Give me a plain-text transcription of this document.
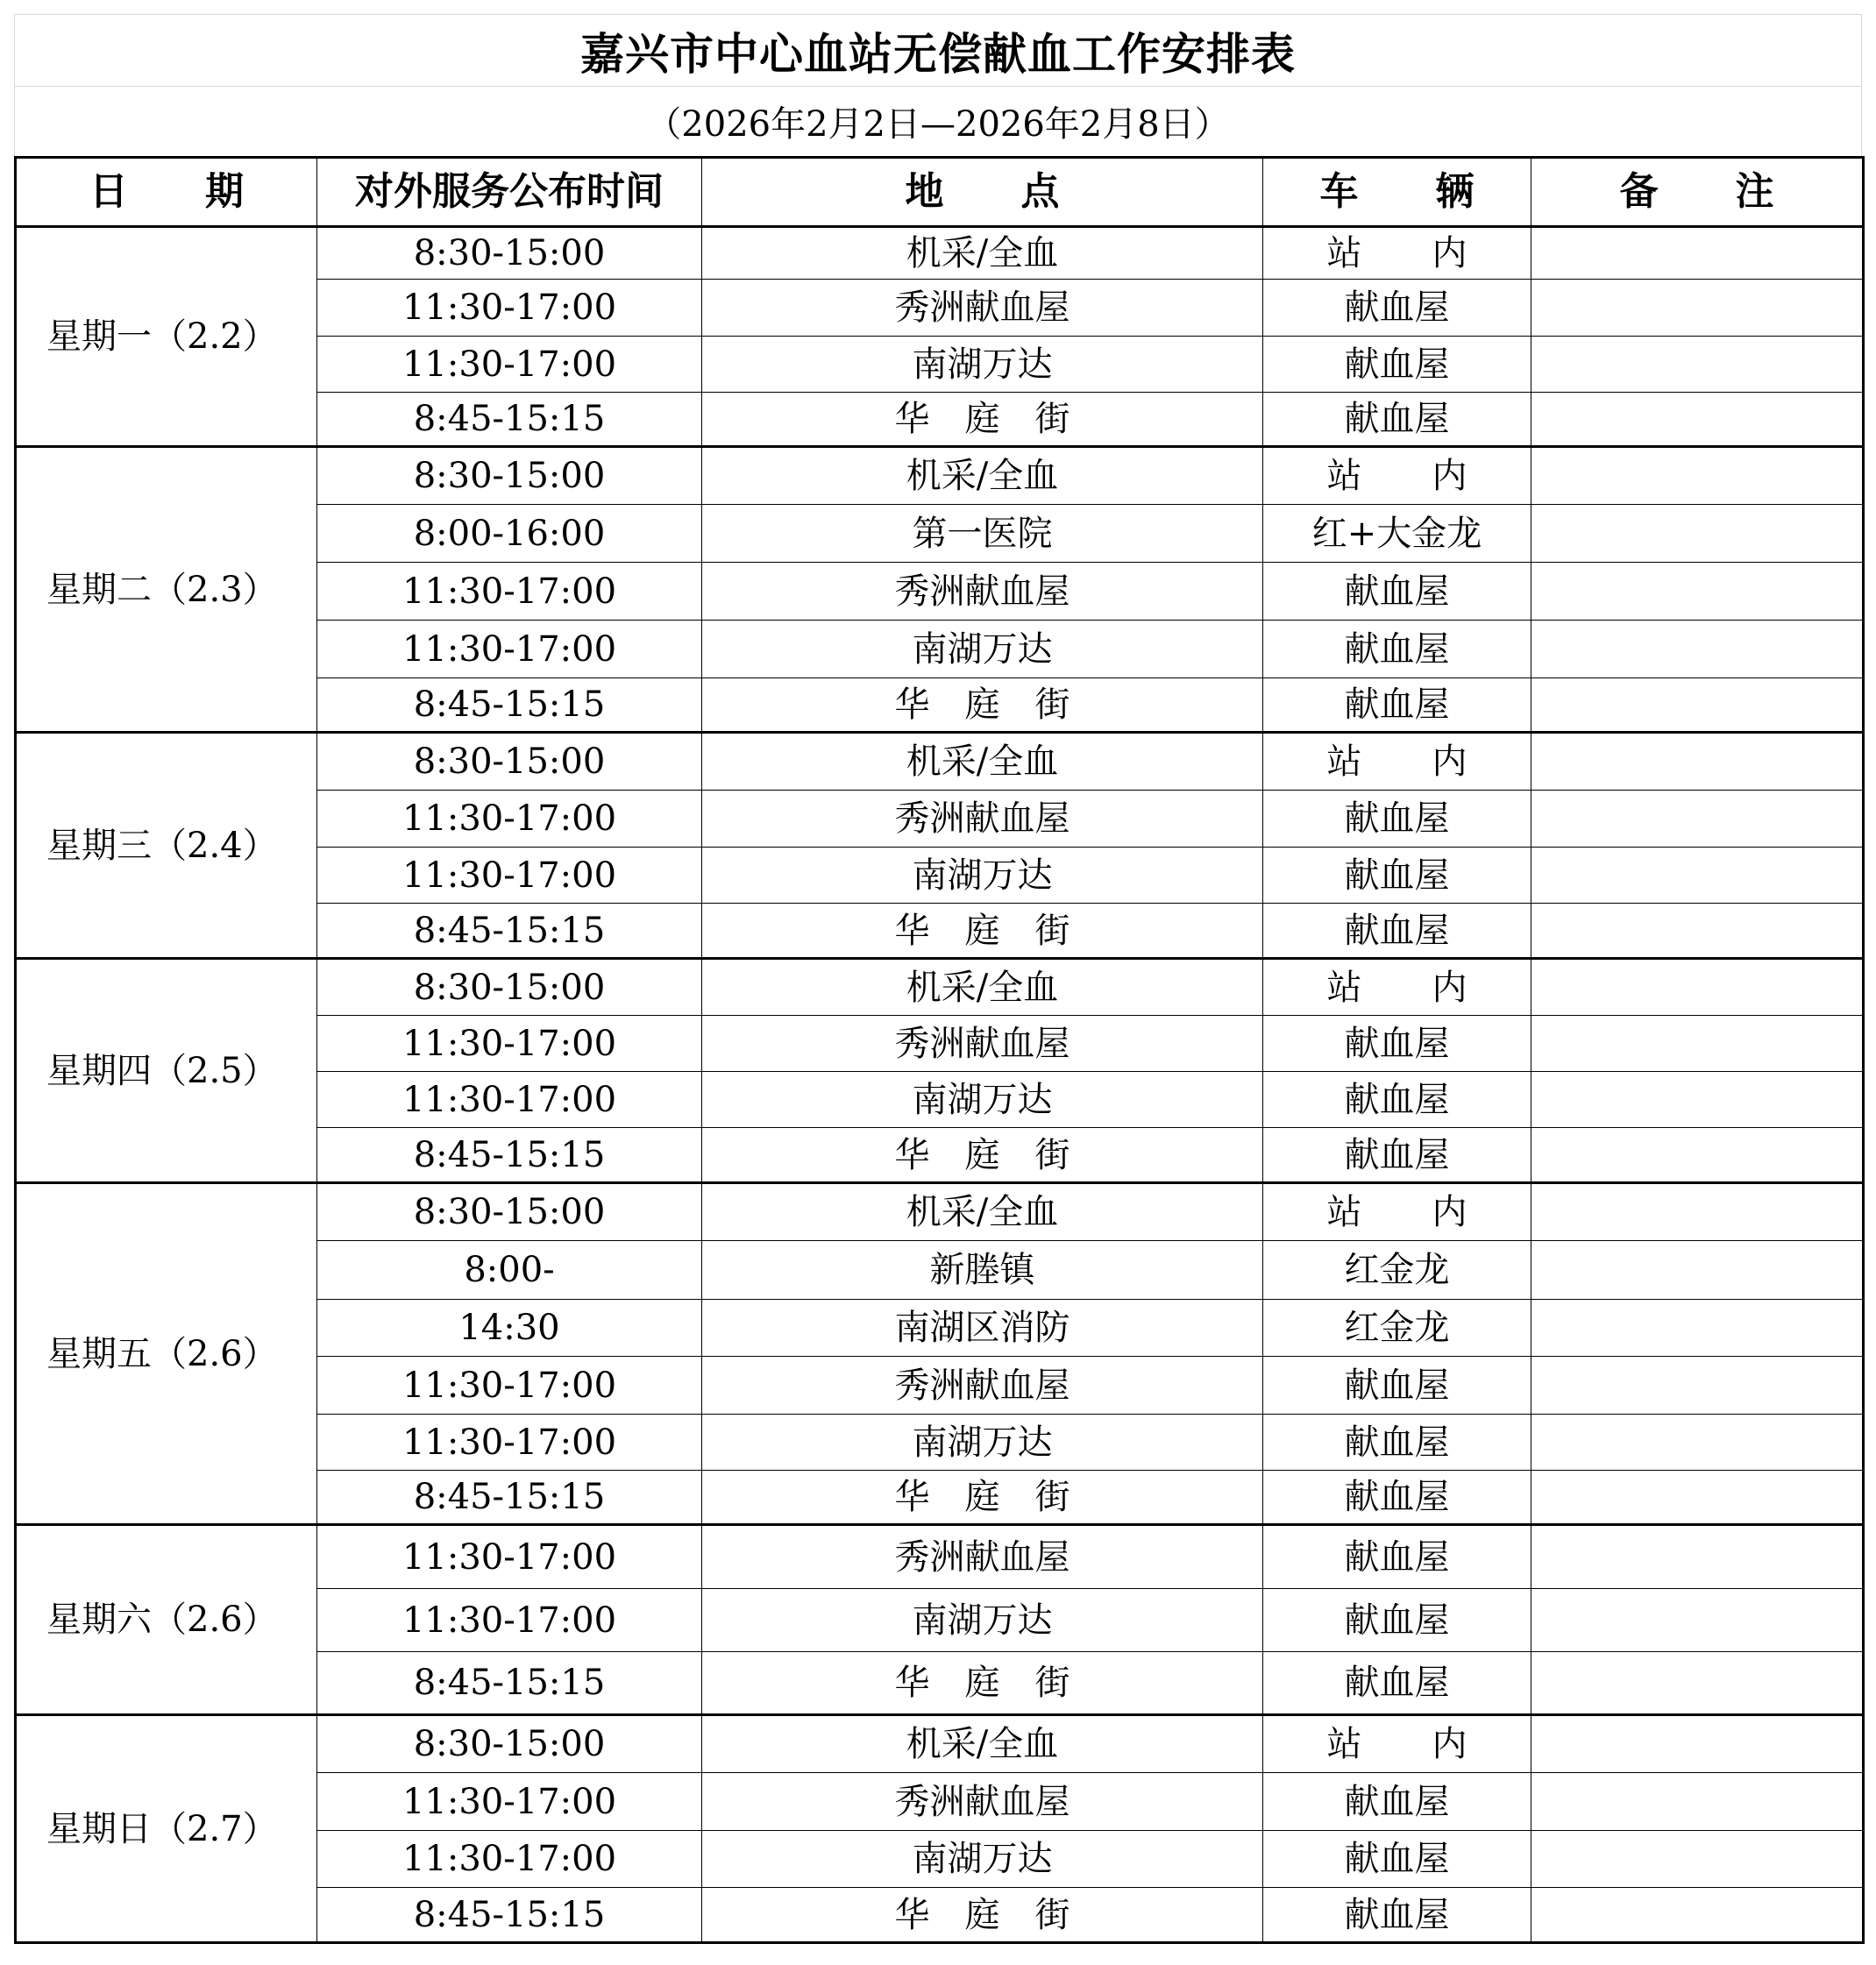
嘉兴市中心血站无偿献血工作安排表
（2026年2月2日—2026年2月8日）
日　　期	对外服务公布时间	地　　点	车　　辆	备　　注
星期一（2.2）	8:30-15:00	机采/全血	站　　内	
	11:30-17:00	秀洲献血屋	献血屋	
	11:30-17:00	南湖万达	献血屋	
	8:45-15:15	华　庭　街	献血屋	
星期二（2.3）	8:30-15:00	机采/全血	站　　内	
	8:00-16:00	第一医院	红+大金龙	
	11:30-17:00	秀洲献血屋	献血屋	
	11:30-17:00	南湖万达	献血屋	
	8:45-15:15	华　庭　街	献血屋	
星期三（2.4）	8:30-15:00	机采/全血	站　　内	
	11:30-17:00	秀洲献血屋	献血屋	
	11:30-17:00	南湖万达	献血屋	
	8:45-15:15	华　庭　街	献血屋	
星期四（2.5）	8:30-15:00	机采/全血	站　　内	
	11:30-17:00	秀洲献血屋	献血屋	
	11:30-17:00	南湖万达	献血屋	
	8:45-15:15	华　庭　街	献血屋	
星期五（2.6）	8:30-15:00	机采/全血	站　　内	
	8:00-	新塍镇	红金龙	
	14:30	南湖区消防	红金龙	
	11:30-17:00	秀洲献血屋	献血屋	
	11:30-17:00	南湖万达	献血屋	
	8:45-15:15	华　庭　街	献血屋	
星期六（2.6）	11:30-17:00	秀洲献血屋	献血屋	
	11:30-17:00	南湖万达	献血屋	
	8:45-15:15	华　庭　街	献血屋	
星期日（2.7）	8:30-15:00	机采/全血	站　　内	
	11:30-17:00	秀洲献血屋	献血屋	
	11:30-17:00	南湖万达	献血屋	
	8:45-15:15	华　庭　街	献血屋	
